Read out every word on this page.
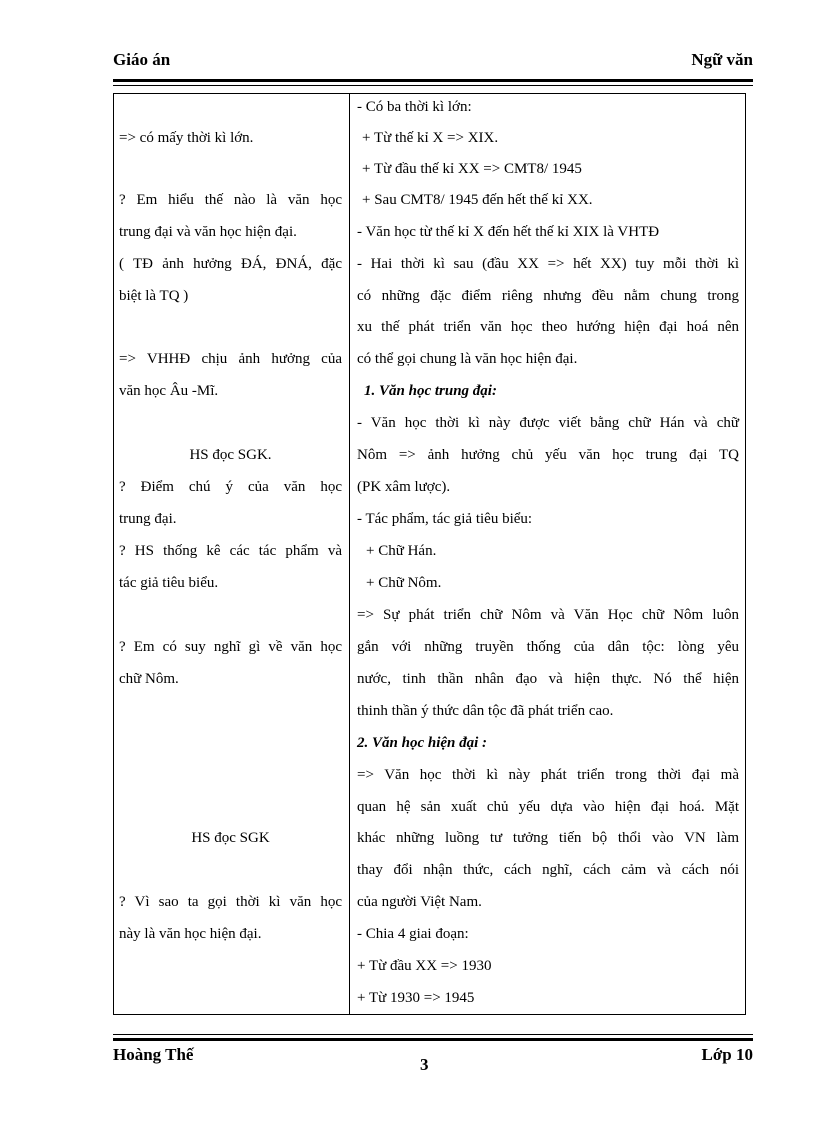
Giáo án	Ngữ văn
=> có mấy thời kì lớn.
? Em hiểu thế nào là văn học
trung đại và văn học hiện đại.
( TĐ ảnh hưởng ĐÁ, ĐNÁ, đặc
biệt là TQ )
=> VHHĐ chịu ảnh hưởng của
văn học Âu -Mĩ.
HS đọc SGK.
? Điểm chú ý của văn học
trung đại.
? HS thống kê các tác phẩm và
tác giả tiêu biểu.
? Em có suy nghĩ gì về văn học
chữ Nôm.
HS đọc SGK
? Vì sao ta gọi thời kì văn học
này là văn học hiện đại.
- Có ba thời kì lớn:
+ Từ thế kỉ X => XIX.
+ Từ đầu thế kỉ XX => CMT8/ 1945
+ Sau CMT8/ 1945 đến hết thế kỉ XX.
- Văn học từ thế kỉ X đến hết thế kỉ XIX là VHTĐ
- Hai thời kì sau (đầu XX => hết XX) tuy mỗi thời kì
có những đặc điểm riêng nhưng đều nằm chung trong
xu thế phát triển văn học theo hướng hiện đại hoá nên
có thể gọi chung là văn học hiện đại.
1. Văn học trung đại:
- Văn học thời kì này được viết bằng chữ Hán và chữ
Nôm => ảnh hưởng chủ yếu văn học trung đại TQ
(PK xâm lược).
- Tác phẩm, tác giả tiêu biểu:
+ Chữ Hán.
+ Chữ Nôm.
=> Sự phát triển chữ Nôm và Văn Học chữ Nôm luôn
gắn với những truyền thống của dân tộc: lòng yêu
nước, tinh thần nhân đạo và hiện thực. Nó thể hiện
thinh thần ý thức dân tộc đã phát triển cao.
2. Văn học hiện đại :
=> Văn học thời kì này phát triển trong thời đại mà
quan hệ sản xuất chủ yếu dựa vào hiện đại hoá. Mặt
khác những luồng tư tưởng tiến bộ thổi vào VN làm
thay đổi nhận thức, cách nghĩ, cách cảm và cách nói
của người Việt Nam.
- Chia 4 giai đoạn:
+ Từ đầu XX => 1930
+ Từ 1930 => 1945
Hoàng Thế
3
Lớp 10
